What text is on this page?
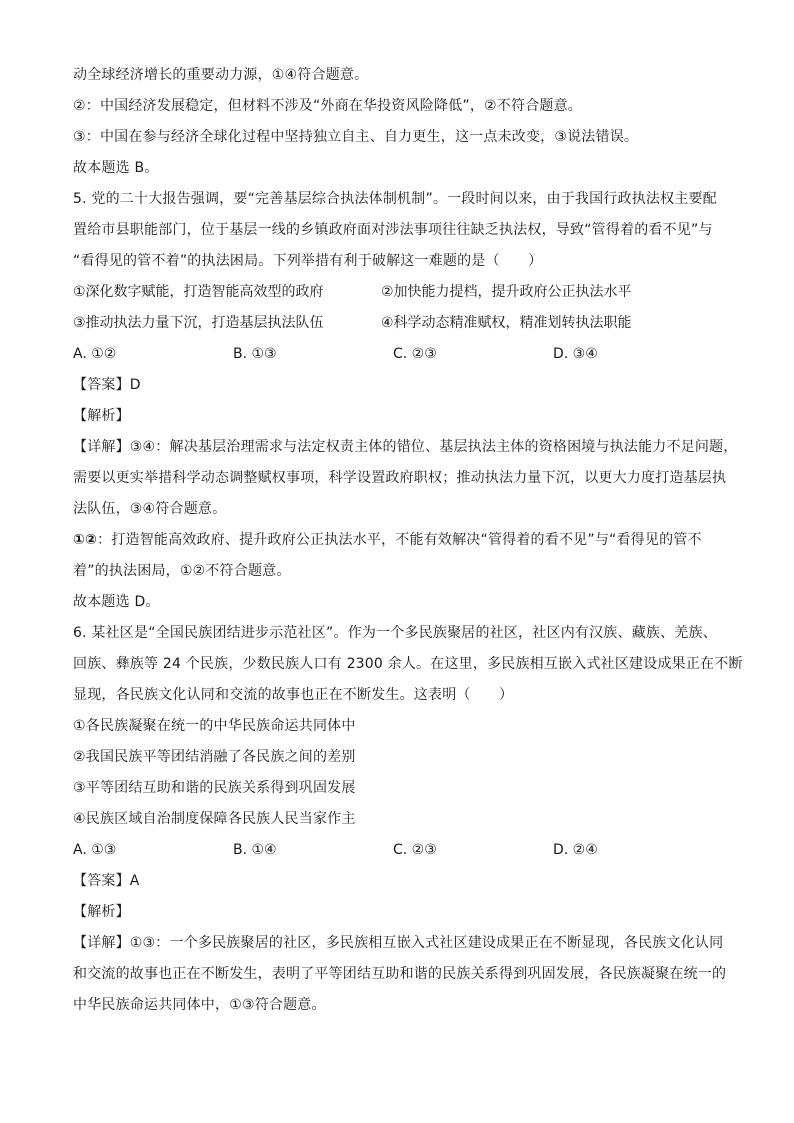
动全球经济增长的重要动力源，①④符合题意。
②：中国经济发展稳定，但材料不涉及“外商在华投资风险降低”，②不符合题意。
③：中国在参与经济全球化过程中坚持独立自主、自力更生，这一点未改变，③说法错误。
故本题选 B。
5. 党的二十大报告强调，要“完善基层综合执法体制机制”。一段时间以来，由于我国行政执法权主要配
置给市县职能部门，位于基层一线的乡镇政府面对涉法事项往往缺乏执法权，导致“管得着的看不见”与
“看得见的管不着”的执法困局。下列举措有利于破解这一难题的是（　　）
①深化数字赋能，打造智能高效型的政府	②加快能力提档，提升政府公正执法水平
③推动执法力量下沉，打造基层执法队伍	④科学动态精准赋权，精准划转执法职能
A. ①②	B. ①③	C. ②③	D. ③④
【答案】D
【解析】
【详解】③④：解决基层治理需求与法定权责主体的错位、基层执法主体的资格困境与执法能力不足问题，
需要以更实举措科学动态调整赋权事项，科学设置政府职权；推动执法力量下沉，以更大力度打造基层执
法队伍，③④符合题意。
①②：打造智能高效政府、提升政府公正执法水平，不能有效解决“管得着的看不见”与“看得见的管不
着”的执法困局，①②不符合题意。
故本题选 D。
6. 某社区是“全国民族团结进步示范社区”。作为一个多民族聚居的社区，社区内有汉族、藏族、羌族、
回族、彝族等 24 个民族，少数民族人口有 2300 余人。在这里，多民族相互嵌入式社区建设成果正在不断
显现，各民族文化认同和交流的故事也正在不断发生。这表明（　　）
①各民族凝聚在统一的中华民族命运共同体中
②我国民族平等团结消融了各民族之间的差别
③平等团结互助和谐的民族关系得到巩固发展
④民族区域自治制度保障各民族人民当家作主
A. ①③	B. ①④	C. ②③	D. ②④
【答案】A
【解析】
【详解】①③：一个多民族聚居的社区，多民族相互嵌入式社区建设成果正在不断显现，各民族文化认同
和交流的故事也正在不断发生，表明了平等团结互助和谐的民族关系得到巩固发展，各民族凝聚在统一的
中华民族命运共同体中，①③符合题意。
